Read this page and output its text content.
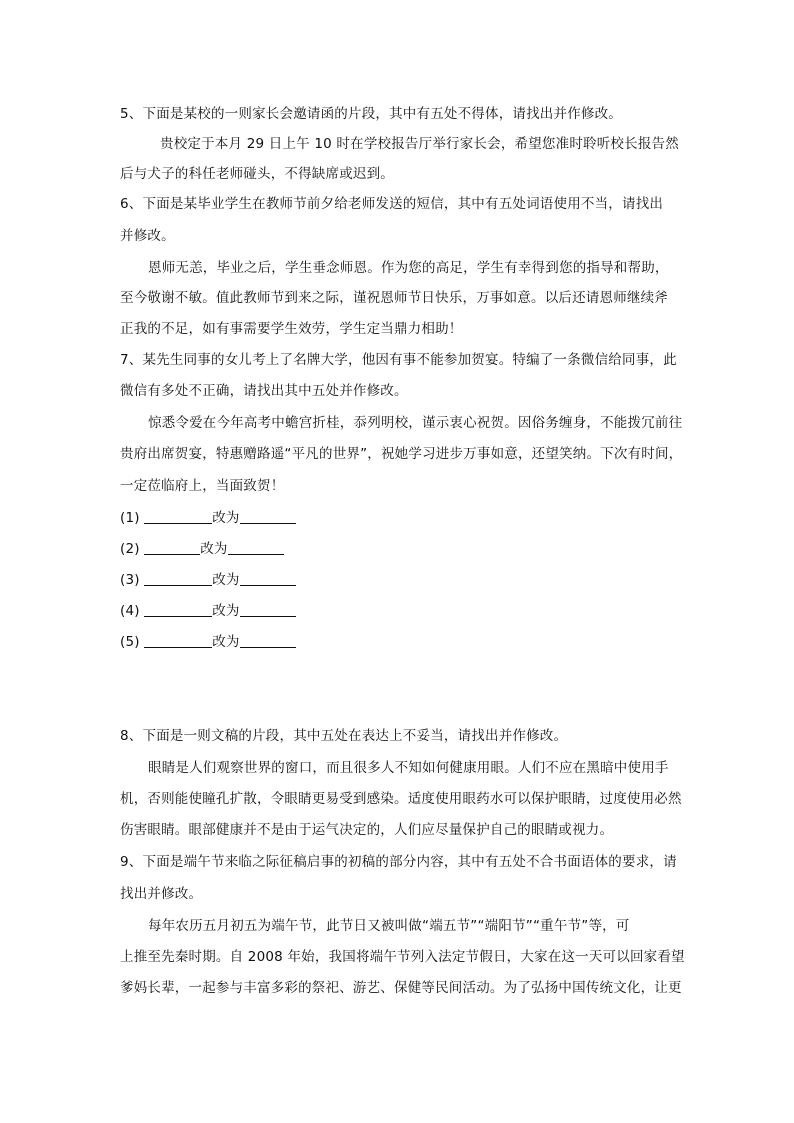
5、下面是某校的一则家长会邀请函的片段，其中有五处不得体，请找出并作修改。
贵校定于本月 29 日上午 10 时在学校报告厅举行家长会，希望您准时聆听校长报告然
后与犬子的科任老师碰头，不得缺席或迟到。
6、下面是某毕业学生在教师节前夕给老师发送的短信，其中有五处词语使用不当，请找出
并修改。
恩师无恙，毕业之后，学生垂念师恩。作为您的高足，学生有幸得到您的指导和帮助，
至今敬谢不敏。值此教师节到来之际，谨祝恩师节日快乐，万事如意。以后还请恩师继续斧
正我的不足，如有事需要学生效劳，学生定当鼎力相助！
7、某先生同事的女儿考上了名牌大学，他因有事不能参加贺宴。特编了一条微信给同事，此
微信有多处不正确，请找出其中五处并作修改。
惊悉令爱在今年高考中蟾宫折桂，忝列明校，谨示衷心祝贺。因俗务缠身，不能拨冗前往
贵府出席贺宴，特惠赠路遥“平凡的世界”，祝她学习进步万事如意，还望笑纳。下次有时间，
一定莅临府上，当面致贺！
(1)	改为
(2)	改为
(3)	改为
(4)	改为
(5)	改为
8、下面是一则文稿的片段，其中五处在表达上不妥当，请找出并作修改。
眼睛是人们观察世界的窗口，而且很多人不知如何健康用眼。人们不应在黑暗中使用手
机，否则能使瞳孔扩散，令眼睛更易受到感染。适度使用眼药水可以保护眼睛，过度使用必然
伤害眼睛。眼部健康并不是由于运气决定的，人们应尽量保护自己的眼睛或视力。
9、下面是端午节来临之际征稿启事的初稿的部分内容，其中有五处不合书面语体的要求，请
找出并修改。
每年农历五月初五为端午节，此节日又被叫做“端五节”“端阳节”“重午节”等，可
上推至先秦时期。自 2008 年始，我国将端午节列入法定节假日，大家在这一天可以回家看望
爹妈长辈，一起参与丰富多彩的祭祀、游艺、保健等民间活动。为了弘扬中国传统文化，让更
